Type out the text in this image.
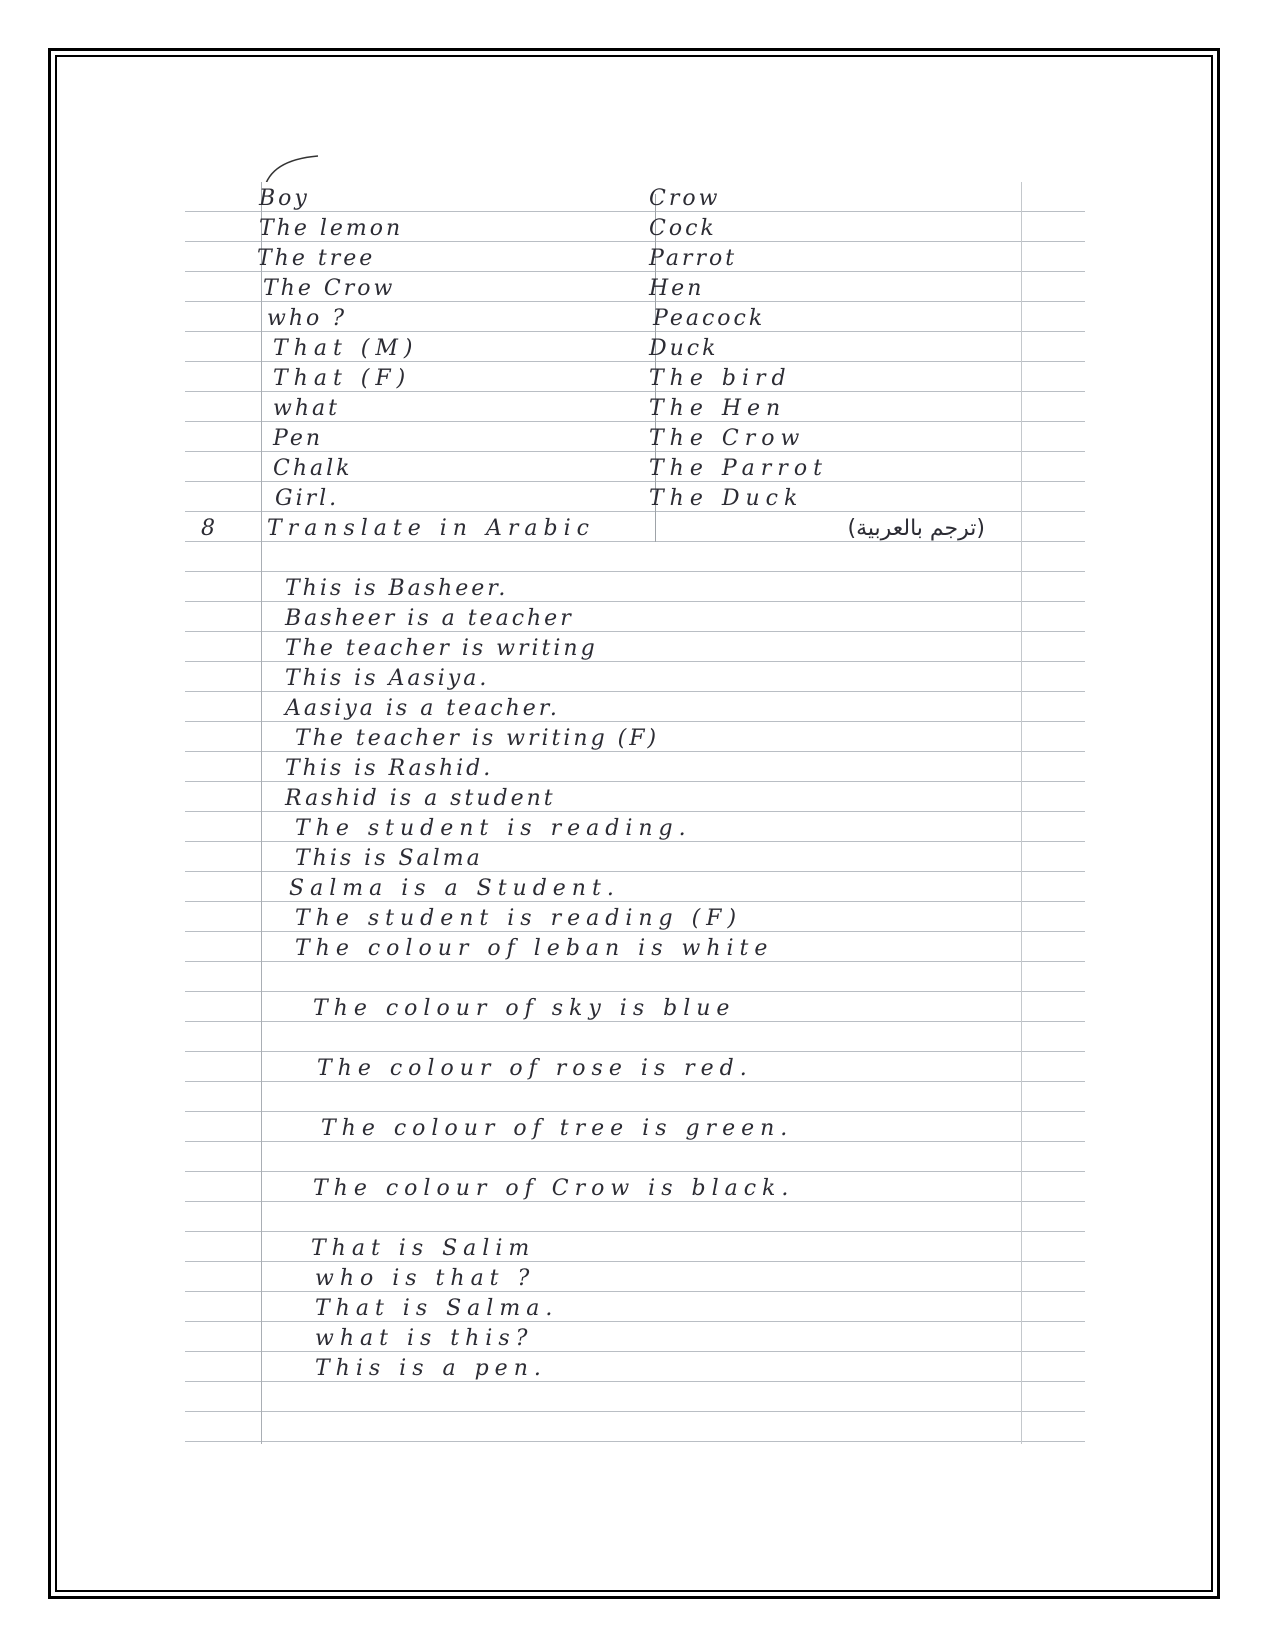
Boy
The lemon
The tree
The Crow
who ?
That (M)
That (F)
what
Pen
Chalk
Girl.
Crow
Cock
Parrot
Hen
Peacock
Duck
The bird
The Hen
The Crow
The Parrot
The Duck
8 Translate in Arabic	(ترجم بالعربية)
This is Basheer.
Basheer is a teacher
The teacher is writing
This is Aasiya.
Aasiya is a teacher.
The teacher is writing (F)
This is Rashid.
Rashid is a student
The student is reading.
This is Salma
Salma is a Student.
The student is reading (F)
The colour of leban is white
The colour of sky is blue
The colour of rose is red.
The colour of tree is green.
The colour of Crow is black.
That is Salim
who is that ?
That is Salma.
what is this?
This is a pen.
